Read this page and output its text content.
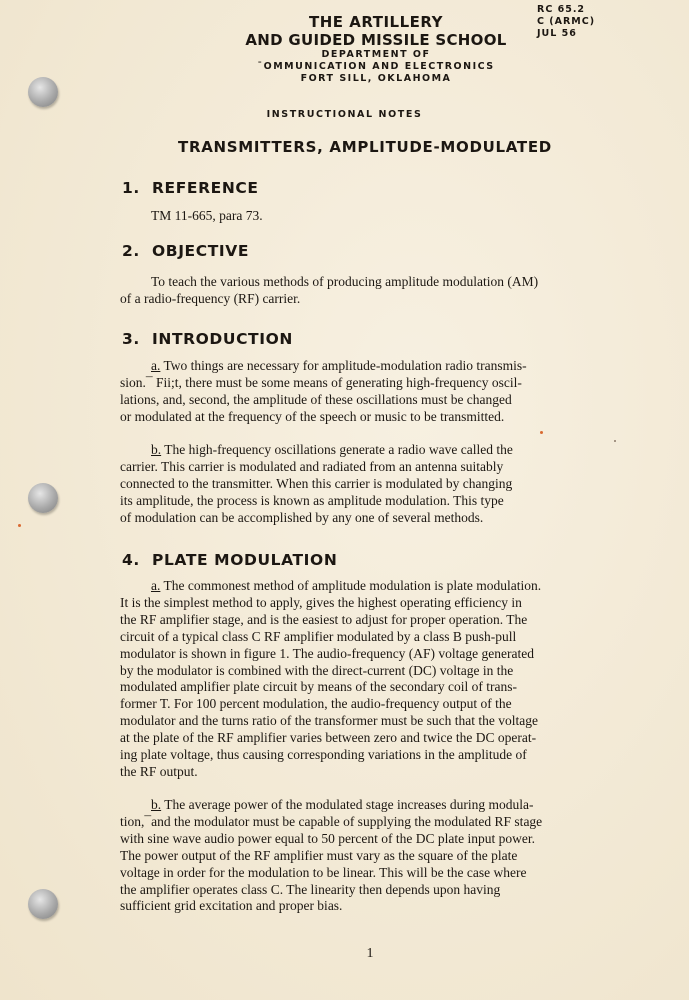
THE ARTILLERY
AND GUIDED MISSILE SCHOOL
DEPARTMENT OF
¯OMMUNICATION AND ELECTRONICS
FORT SILL, OKLAHOMA
RC 65.2
C (ARMC)
JUL 56
INSTRUCTIONAL NOTES
TRANSMITTERS, AMPLITUDE-MODULATED
1. REFERENCE
TM 11-665, para 73.
2. OBJECTIVE
To teach the various methods of producing amplitude modulation (AM)
of a radio-frequency (RF) carrier.
3. INTRODUCTION
a. Two things are necessary for amplitude-modulation radio transmis-
sion.¯ Fii;t, there must be some means of generating high-frequency oscil-
lations, and, second, the amplitude of these oscillations must be changed
or modulated at the frequency of the speech or music to be transmitted.
b. The high-frequency oscillations generate a radio wave called the
carrier. This carrier is modulated and radiated from an antenna suitably
connected to the transmitter. When this carrier is modulated by changing
its amplitude, the process is known as amplitude modulation. This type
of modulation can be accomplished by any one of several methods.
4. PLATE MODULATION
a. The commonest method of amplitude modulation is plate modulation.
It is the simplest method to apply, gives the highest operating efficiency in
the RF amplifier stage, and is the easiest to adjust for proper operation. The
circuit of a typical class C RF amplifier modulated by a class B push-pull
modulator is shown in figure 1. The audio-frequency (AF) voltage generated
by the modulator is combined with the direct-current (DC) voltage in the
modulated amplifier plate circuit by means of the secondary coil of trans-
former T. For 100 percent modulation, the audio-frequency output of the
modulator and the turns ratio of the transformer must be such that the voltage
at the plate of the RF amplifier varies between zero and twice the DC operat-
ing plate voltage, thus causing corresponding variations in the amplitude of
the RF output.
b. The average power of the modulated stage increases during modula-
tion,¯and the modulator must be capable of supplying the modulated RF stage
with sine wave audio power equal to 50 percent of the DC plate input power.
The power output of the RF amplifier must vary as the square of the plate
voltage in order for the modulation to be linear. This will be the case where
the amplifier operates class C. The linearity then depends upon having
sufficient grid excitation and proper bias.
1
